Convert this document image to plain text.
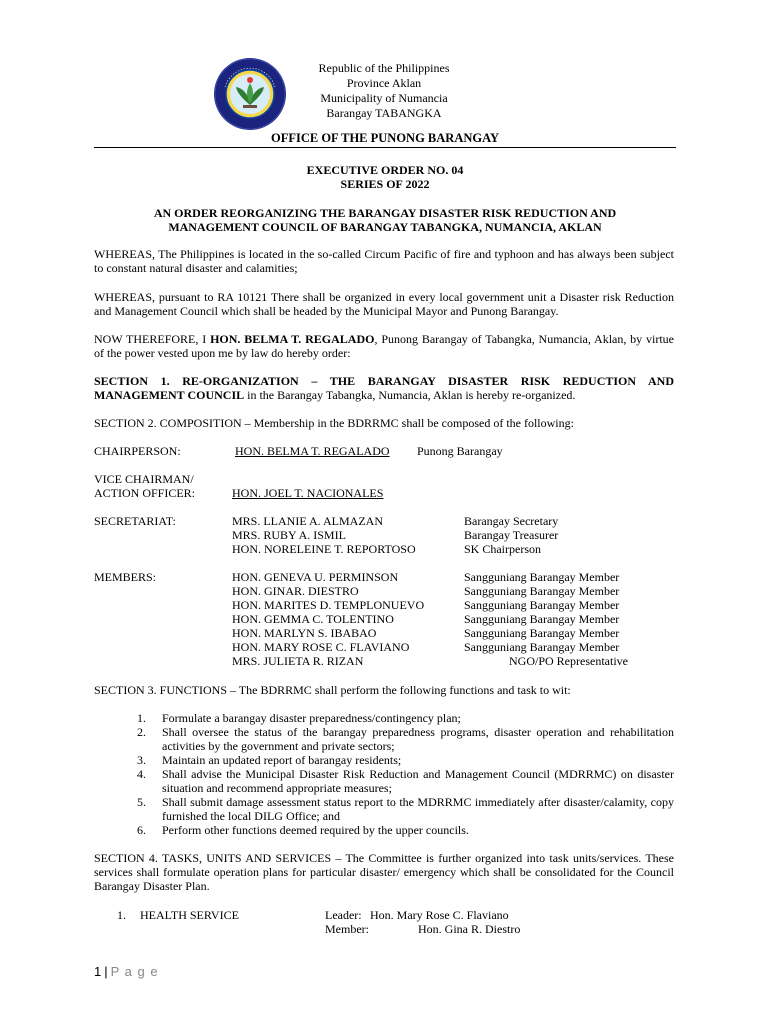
Republic of the Philippines
Province Aklan
Municipality of Numancia
Barangay TABANGKA
OFFICE OF THE PUNONG BARANGAY
EXECUTIVE ORDER NO. 04
SERIES OF 2022
AN ORDER REORGANIZING THE BARANGAY DISASTER RISK REDUCTION AND
MANAGEMENT COUNCIL OF BARANGAY TABANGKA, NUMANCIA, AKLAN
WHEREAS, The Philippines is located in the so-called Circum Pacific of fire and typhoon and has always been subject to constant natural disaster and calamities;
WHEREAS, pursuant to RA 10121 There shall be organized in every local government unit a Disaster risk Reduction and Management Council which shall be headed by the Municipal Mayor and Punong Barangay.
NOW THEREFORE, I HON. BELMA T. REGALADO, Punong Barangay of Tabangka, Numancia, Aklan, by virtue of the power vested upon me by law do hereby order:
SECTION 1. RE-ORGANIZATION – THE BARANGAY DISASTER RISK REDUCTION AND MANAGEMENT COUNCIL in the Barangay Tabangka, Numancia, Aklan is hereby re-organized.
SECTION 2. COMPOSITION – Membership in the BDRRMC shall be composed of the following:
CHAIRPERSON:	HON. BELMA T. REGALADO Punong Barangay
VICE CHAIRMAN/
ACTION OFFICER:	HON. JOEL T. NACIONALES
SECRETARIAT:	MRS. LLANIE A. ALMAZAN	Barangay Secretary
MRS. RUBY A. ISMIL	Barangay Treasurer
HON. NORELEINE T. REPORTOSO	SK Chairperson
MEMBERS:	HON. GENEVA U. PERMINSON	Sangguniang Barangay Member
HON. GINAR. DIESTRO	Sangguniang Barangay Member
HON. MARITES D. TEMPLONUEVO	Sangguniang Barangay Member
HON. GEMMA C. TOLENTINO	Sangguniang Barangay Member
HON. MARLYN S. IBABAO	Sangguniang Barangay Member
HON. MARY ROSE C. FLAVIANO	Sangguniang Barangay Member
MRS. JULIETA R. RIZAN	NGO/PO Representative
SECTION 3. FUNCTIONS – The BDRRMC shall perform the following functions and task to wit:
1.	Formulate a barangay disaster preparedness/contingency plan;
2.	Shall oversee the status of the barangay preparedness programs, disaster operation and rehabilitation activities by the government and private sectors;
3.	Maintain an updated report of barangay residents;
4.	Shall advise the Municipal Disaster Risk Reduction and Management Council (MDRRMC) on disaster situation and recommend appropriate measures;
5.	Shall submit damage assessment status report to the MDRRMC immediately after disaster/calamity, copy furnished the local DILG Office; and
6.	Perform other functions deemed required by the upper councils.
SECTION 4. TASKS, UNITS AND SERVICES – The Committee is further organized into task units/services. These services shall formulate operation plans for particular disaster/ emergency which shall be consolidated for the Council Barangay Disaster Plan.
1. HEALTH SERVICE	Leader: Hon. Mary Rose C. Flaviano
Member:	Hon. Gina R. Diestro
1 | P a g e
